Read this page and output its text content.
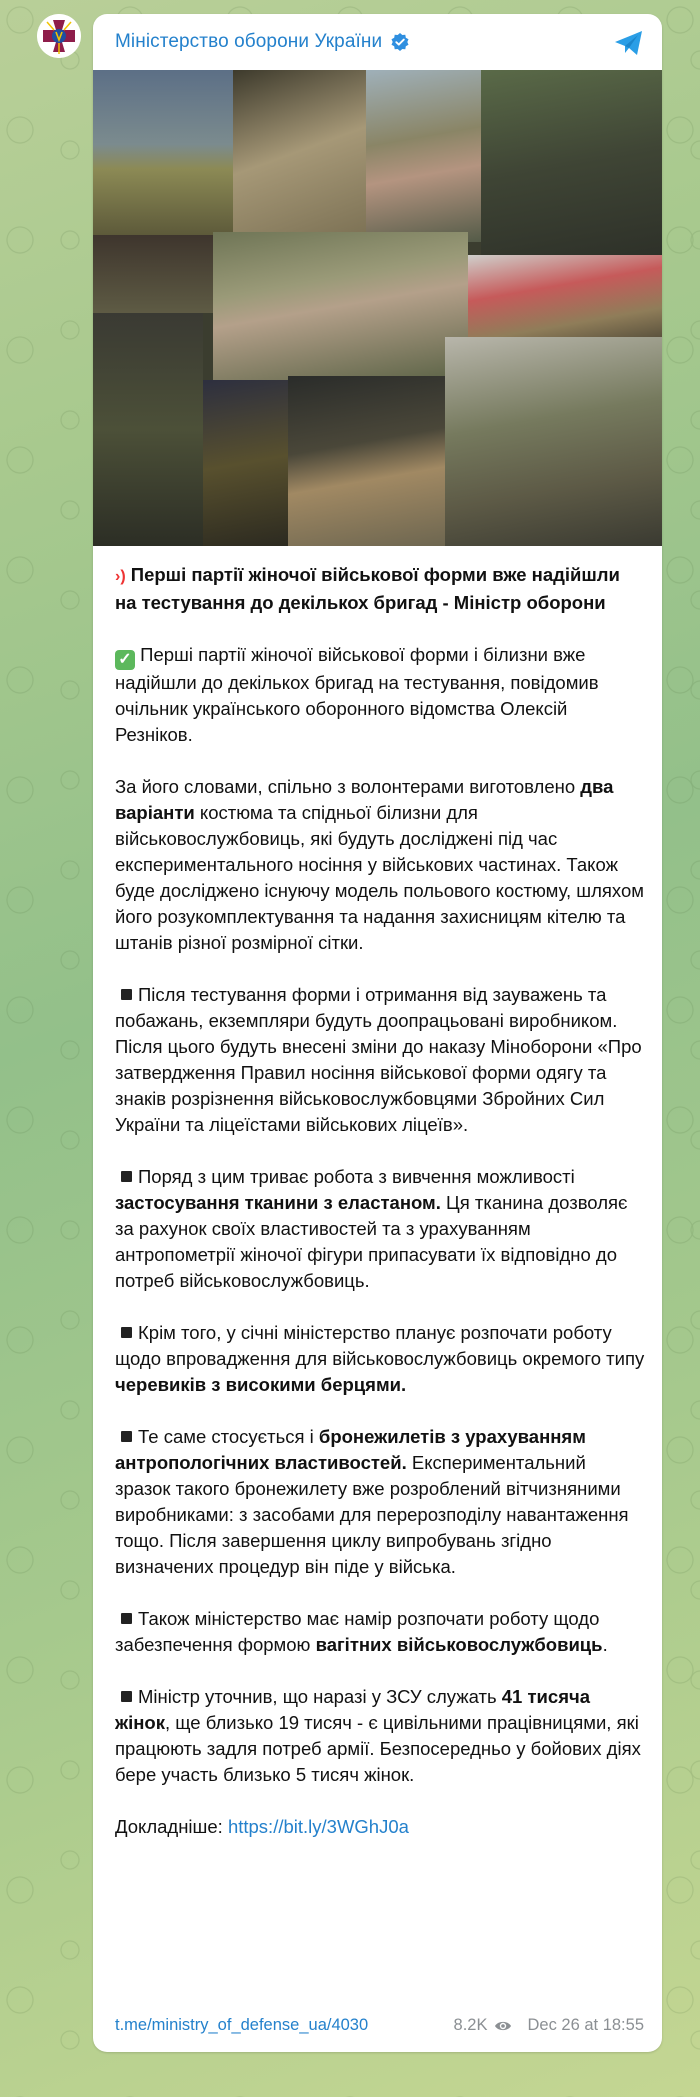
Міністерство оборони України

›) Перші партії жіночої військової форми вже надійшли на тестування до декількох бригад - Міністр оборони

✓ Перші партії жіночої військової форми і білизни вже надійшли до декількох бригад на тестування, повідомив очільник українського оборонного відомства Олексій Резніков.

За його словами, спільно з волонтерами виготовлено два варіанти костюма та спідньої білизни для військовослужбовиць, які будуть досліджені під час експериментального носіння у військових частинах. Також буде досліджено існуючу модель польового костюму, шляхом його розукомплектування та надання захисницям кітелю та штанів різної розмірної сітки.

Після тестування форми і отримання від зауважень та побажань, екземпляри будуть доопрацьовані виробником. Після цього будуть внесені зміни до наказу Міноборони «Про затвердження Правил носіння військової форми одягу та знаків розрізнення військовослужбовцями Збройних Сил України та ліцеїстами військових ліцеїв».

Поряд з цим триває робота з вивчення можливості застосування тканини з еластаном. Ця тканина дозволяє за рахунок своїх властивостей та з урахуванням антропометрії жіночої фігури припасувати їх відповідно до потреб військовослужбовиць.

Крім того, у січні міністерство планує розпочати роботу щодо впровадження для військовослужбовиць окремого типу черевиків з високими берцями.

Те саме стосується і бронежилетів з урахуванням антропологічних властивостей. Експериментальний зразок такого бронежилету вже розроблений вітчизняними виробниками: з засобами для перерозподілу навантаження тощо. Після завершення циклу випробувань згідно визначених процедур він піде у війська.

Також міністерство має намір розпочати роботу щодо забезпечення формою вагітних військовослужбовиць.

Міністр уточнив, що наразі у ЗСУ служать 41 тисяча жінок, ще близько 19 тисяч - є цивільними працівницями, які працюють задля потреб армії. Безпосередньо у бойових діях бере участь близько 5 тисяч жінок.

Докладніше: https://bit.ly/3WGhJ0a

t.me/ministry_of_defense_ua/4030	8.2K Dec 26 at 18:55
